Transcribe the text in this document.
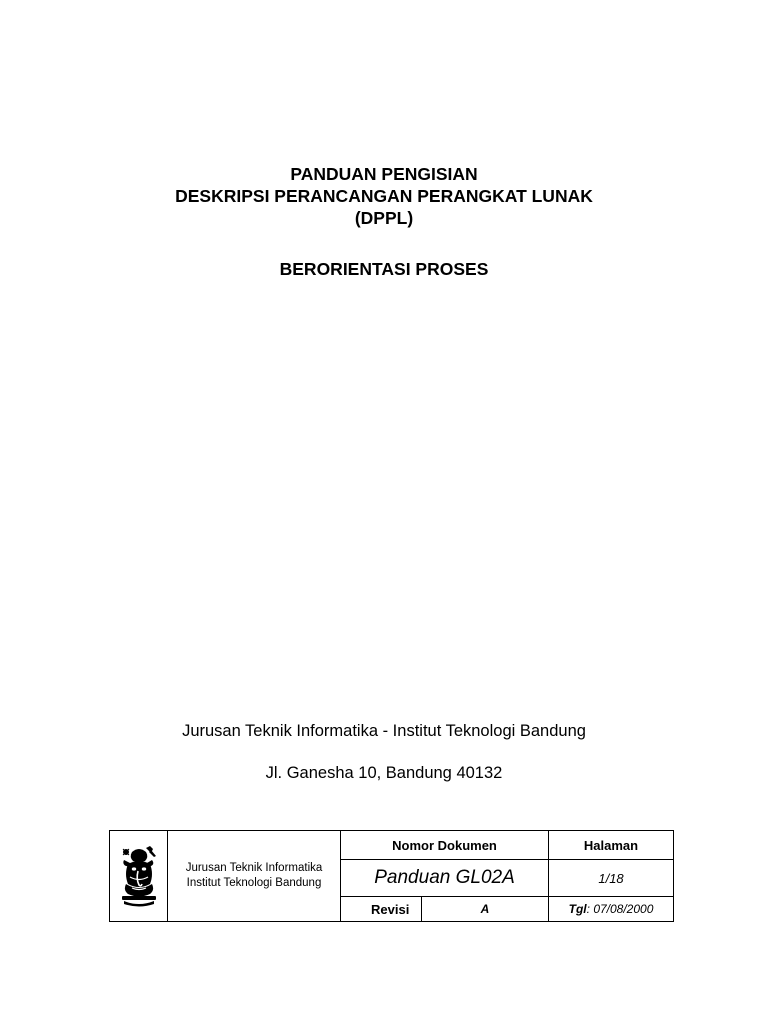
PANDUAN PENGISIAN
DESKRIPSI PERANCANGAN PERANGKAT LUNAK
(DPPL)
BERORIENTASI PROSES
Jurusan Teknik Informatika - Institut Teknologi Bandung
Jl. Ganesha 10, Bandung 40132

Jurusan Teknik Informatika
Institut Teknologi Bandung	Nomor Dokumen		Halaman
		Panduan GL02A		1/18
		Revisi	A	Tgl: 07/08/2000
